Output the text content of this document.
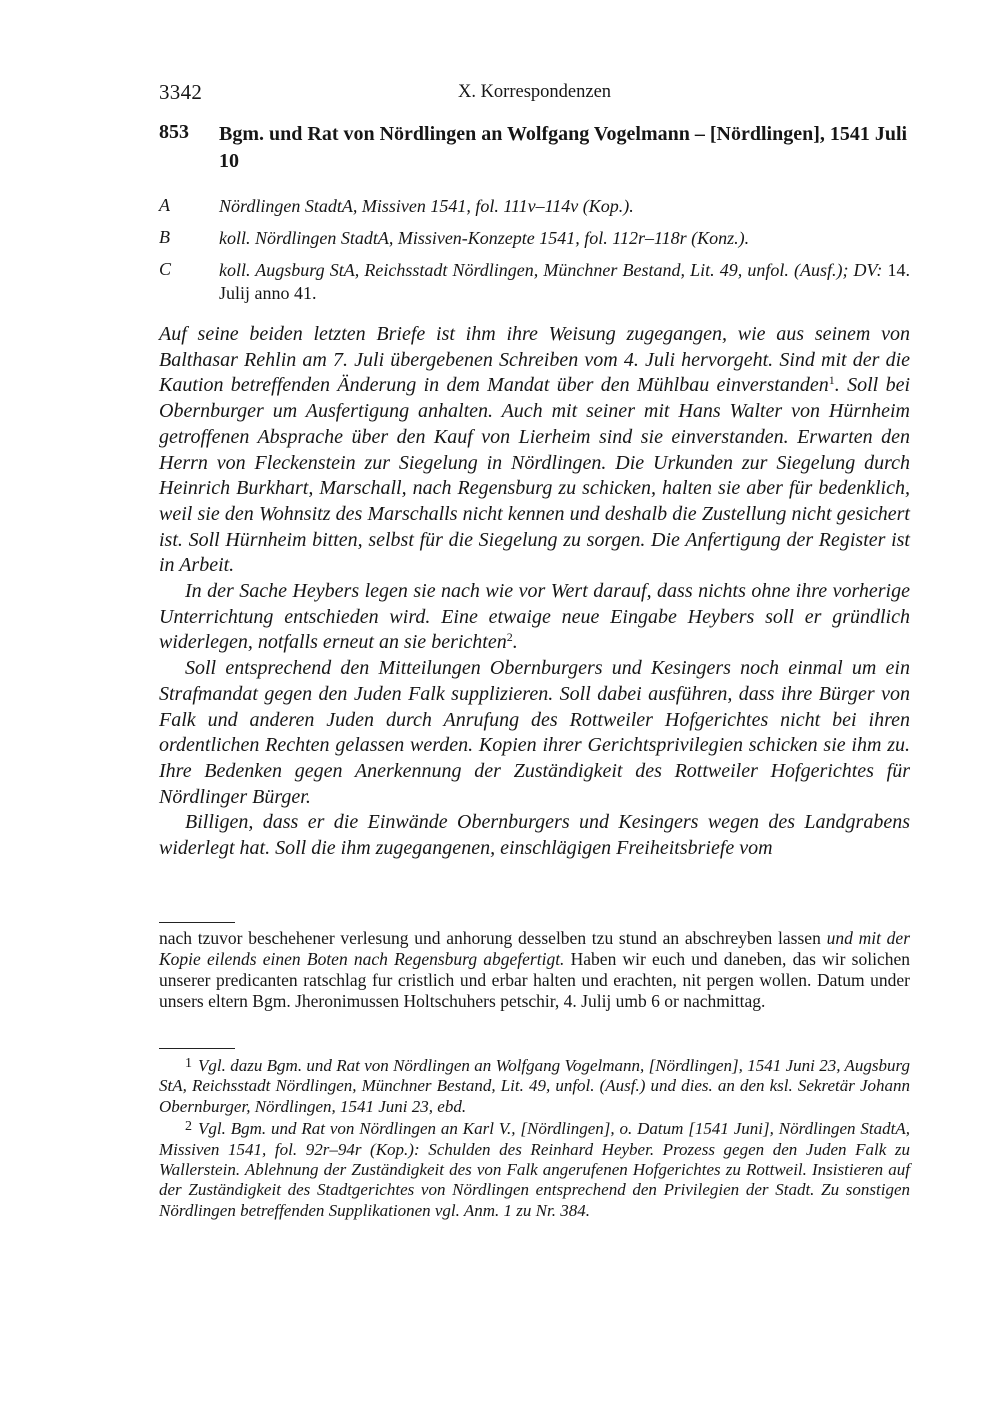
3342	X. Korrespondenzen
853 Bgm. und Rat von Nördlingen an Wolfgang Vogelmann – [Nördlingen], 1541 Juli 10
A	Nördlingen StadtA, Missiven 1541, fol. 111v–114v (Kop.).
B	koll. Nördlingen StadtA, Missiven-Konzepte 1541, fol. 112r–118r (Konz.).
C	koll. Augsburg StA, Reichsstadt Nördlingen, Münchner Bestand, Lit. 49, unfol. (Ausf.); DV: 14. Julij anno 41.

Auf seine beiden letzten Briefe ist ihm ihre Weisung zugegangen, wie aus seinem von Balthasar Rehlin am 7. Juli übergebenen Schreiben vom 4. Juli hervorgeht. Sind mit der die Kaution betreffenden Änderung in dem Mandat über den Mühlbau einverstanden$^1$. Soll bei Obernburger um Ausfertigung anhalten. Auch mit seiner mit Hans Walter von Hürnheim getroffenen Absprache über den Kauf von Lierheim sind sie einverstanden. Erwarten den Herrn von Fleckenstein zur Siegelung in Nördlingen. Die Urkunden zur Siegelung durch Heinrich Burkhart, Marschall, nach Regensburg zu schicken, halten sie aber für bedenklich, weil sie den Wohnsitz des Marschalls nicht kennen und deshalb die Zustellung nicht gesichert ist. Soll Hürnheim bitten, selbst für die Siegelung zu sorgen. Die Anfertigung der Register ist in Arbeit.

In der Sache Heybers legen sie nach wie vor Wert darauf, dass nichts ohne ihre vorherige Unterrichtung entschieden wird. Eine etwaige neue Eingabe Heybers soll er gründlich widerlegen, notfalls erneut an sie berichten$^2$.

Soll entsprechend den Mitteilungen Obernburgers und Kesingers noch einmal um ein Strafmandat gegen den Juden Falk supplizieren. Soll dabei ausführen, dass ihre Bürger von Falk und anderen Juden durch Anrufung des Rottweiler Hofgerichtes nicht bei ihren ordentlichen Rechten gelassen werden. Kopien ihrer Gerichtsprivilegien schicken sie ihm zu. Ihre Bedenken gegen Anerkennung der Zuständigkeit des Rottweiler Hofgerichtes für Nördlinger Bürger.

Billigen, dass er die Einwände Obernburgers und Kesingers wegen des Landgrabens widerlegt hat. Soll die ihm zugegangenen, einschlägigen Freiheitsbriefe vom

nach tzuvor beschehener verlesung und anhorung desselben tzu stund an abschreyben lassen und mit der Kopie eilends einen Boten nach Regensburg abgefertigt. Haben wir euch und daneben, das wir solichen unserer predicanten ratschlag fur cristlich und erbar halten und erachten, nit pergen wollen. Datum under unsers eltern Bgm. Jheronimussen Holtschuhers petschir, 4. Julij umb 6 or nachmittag.

$^1$ Vgl. dazu Bgm. und Rat von Nördlingen an Wolfgang Vogelmann, [Nördlingen], 1541 Juni 23, Augsburg StA, Reichsstadt Nördlingen, Münchner Bestand, Lit. 49, unfol. (Ausf.) und dies. an den ksl. Sekretär Johann Obernburger, Nördlingen, 1541 Juni 23, ebd.

$^2$ Vgl. Bgm. und Rat von Nördlingen an Karl V., [Nördlingen], o. Datum [1541 Juni], Nördlingen StadtA, Missiven 1541, fol. 92r–94r (Kop.): Schulden des Reinhard Heyber. Prozess gegen den Juden Falk zu Wallerstein. Ablehnung der Zuständigkeit des von Falk angerufenen Hofgerichtes zu Rottweil. Insistieren auf der Zuständigkeit des Stadtgerichtes von Nördlingen entsprechend den Privilegien der Stadt. Zu sonstigen Nördlingen betreffenden Supplikationen vgl. Anm. 1 zu Nr. 384.
